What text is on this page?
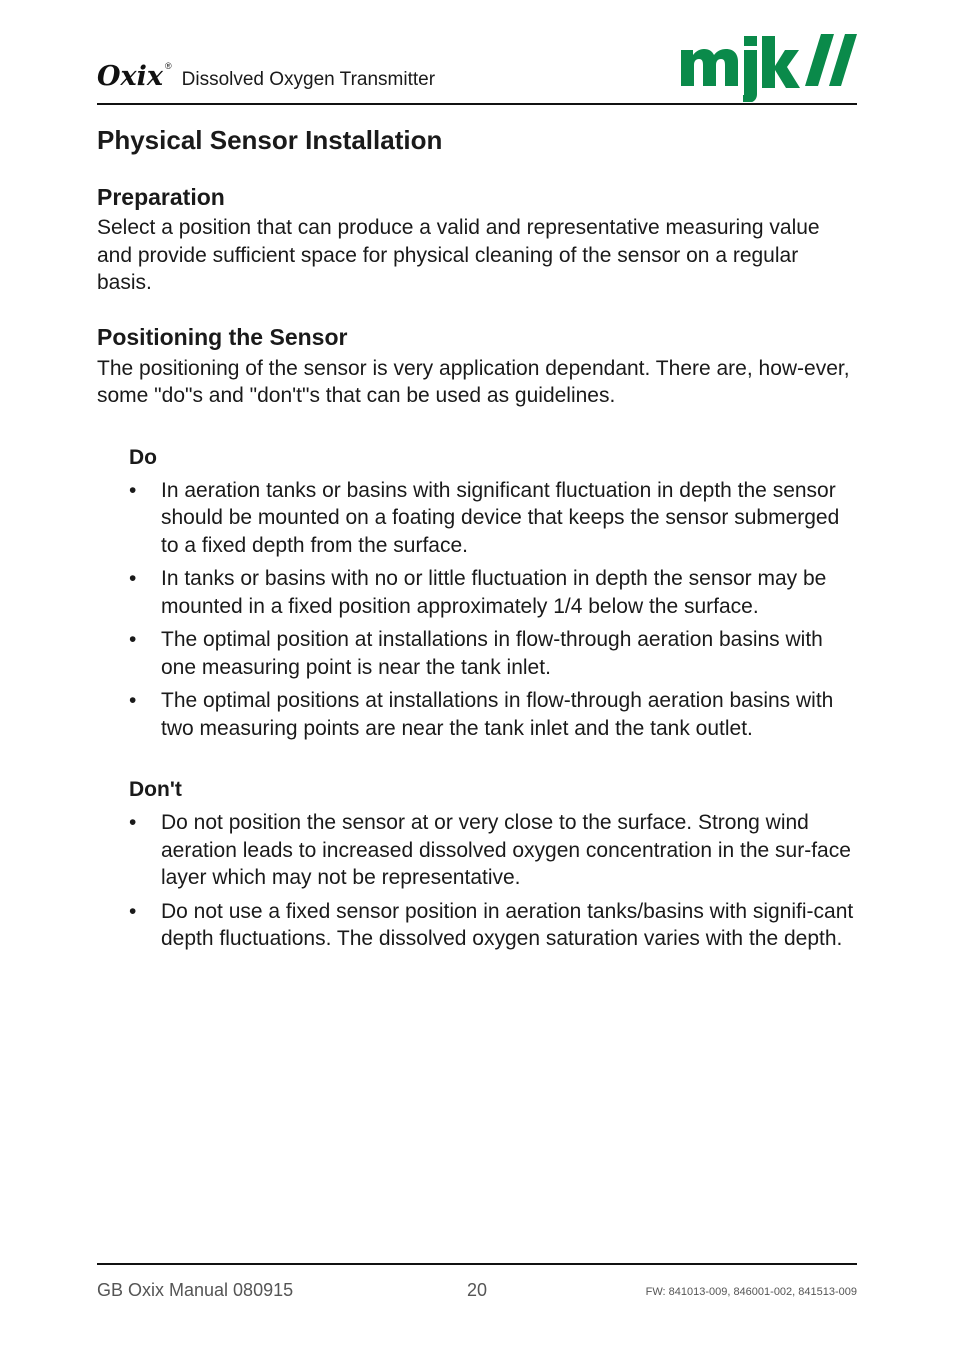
Oxix ®
Dissolved Oxygen Transmitter
Physical Sensor Installation
Preparation

Select a position that can produce a valid and representative measuring value and provide sufficient space for physical cleaning of the sensor on a regular basis.

Positioning the Sensor

The positioning of the sensor is very application dependant. There are, how-ever, some "do"s and "don't"s that can be used as guidelines.

Do
• In aeration tanks or basins with significant fluctuation in depth the sensor should be mounted on a foating device that keeps the sensor submerged to a fixed depth from the surface.
• In tanks or basins with no or little fluctuation in depth the sensor may be mounted in a fixed position approximately 1/4 below the surface.
• The optimal position at installations in flow-through aeration basins with one measuring point is near the tank inlet.
• The optimal positions at installations in flow-through aeration basins with two measuring points are near the tank inlet and the tank outlet.
Don't
• Do not position the sensor at or very close to the surface. Strong wind aeration leads to increased dissolved oxygen concentration in the sur-face layer which may not be representative.
• Do not use a fixed sensor position in aeration tanks/basins with signifi-cant depth fluctuations. The dissolved oxygen saturation varies with the depth.
GB Oxix Manual 080915	20	FW: 841013-009, 846001-002, 841513-009
